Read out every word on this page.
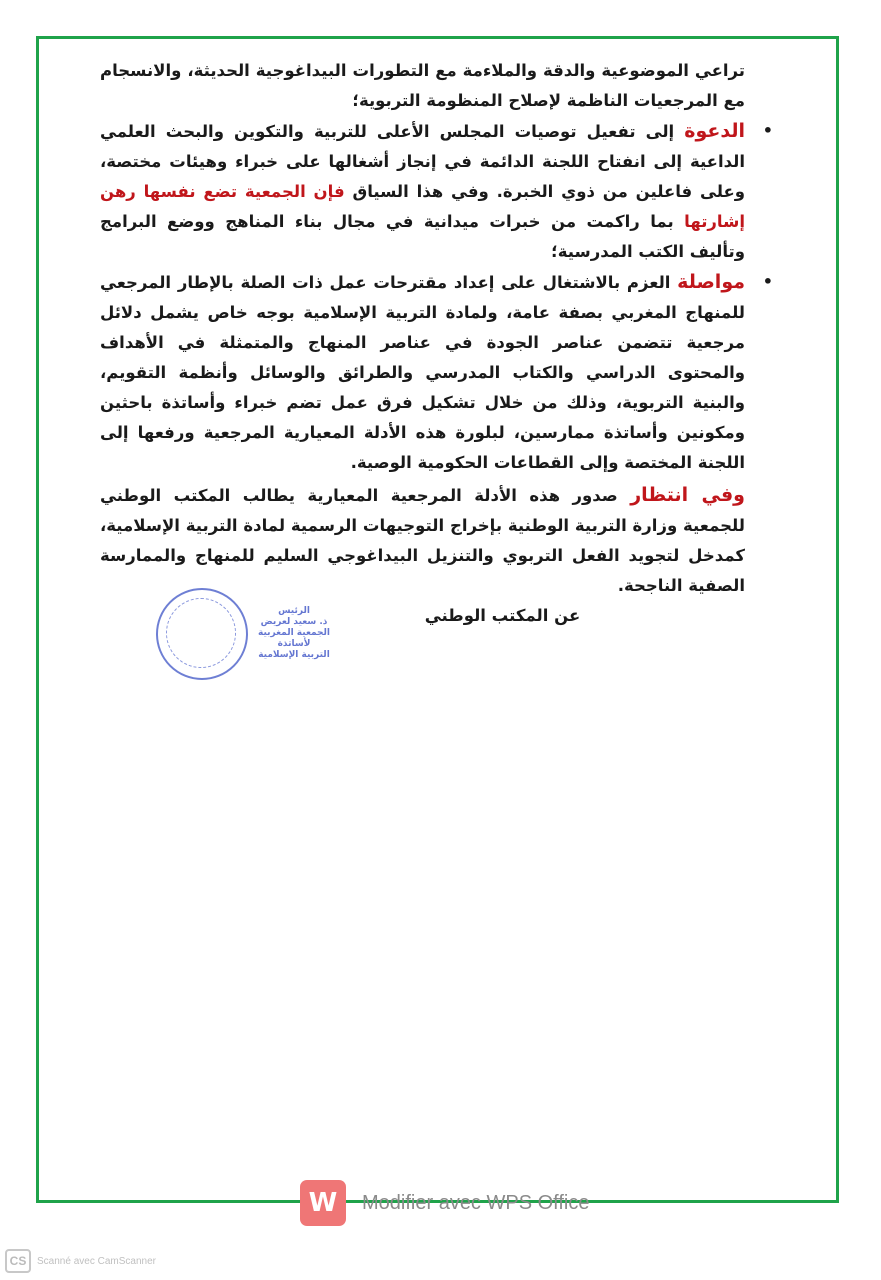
تراعي الموضوعية والدقة والملاءمة مع التطورات البيداغوجية الحديثة، والانسجام مع المرجعيات الناظمة لإصلاح المنظومة التربوية؛

•
الدعوة إلى تفعيل توصيات المجلس الأعلى للتربية والتكوين والبحث العلمي الداعية إلى انفتاح اللجنة الدائمة في إنجاز أشغالها على خبراء وهيئات مختصة، وعلى فاعلين من ذوي الخبرة. وفي هذا السياق فإن الجمعية تضع نفسها رهن إشارتها بما راكمت من خبرات ميدانية في مجال بناء المناهج ووضع البرامج وتأليف الكتب المدرسية؛

•
مواصلة العزم بالاشتغال على إعداد مقترحات عمل ذات الصلة بالإطار المرجعي للمنهاج المغربي بصفة عامة، ولمادة التربية الإسلامية بوجه خاص يشمل دلائل مرجعية تتضمن عناصر الجودة في عناصر المنهاج والمتمثلة في الأهداف والمحتوى الدراسي والكتاب المدرسي والطرائق والوسائل وأنظمة التقويم، والبنية التربوية، وذلك من خلال تشكيل فرق عمل تضم خبراء وأساتذة باحثين ومكونين وأساتذة ممارسين، لبلورة هذه الأدلة المعيارية المرجعية ورفعها إلى اللجنة المختصة وإلى القطاعات الحكومية الوصية.

وفي انتظار صدور هذه الأدلة المرجعية المعيارية يطالب المكتب الوطني للجمعية وزارة التربية الوطنية بإخراج التوجيهات الرسمية لمادة التربية الإسلامية، كمدخل لتجويد الفعل التربوي والتنزيل البيداغوجي السليم للمنهاج والممارسة الصفية الناجحة.

عن المكتب الوطني

الرئيس
ذ. سعيد لعريض
الجمعية المغربية لأساتذة
التربية الإسلامية
W	Modifier avec WPS Office
CS	Scanné avec CamScanner
